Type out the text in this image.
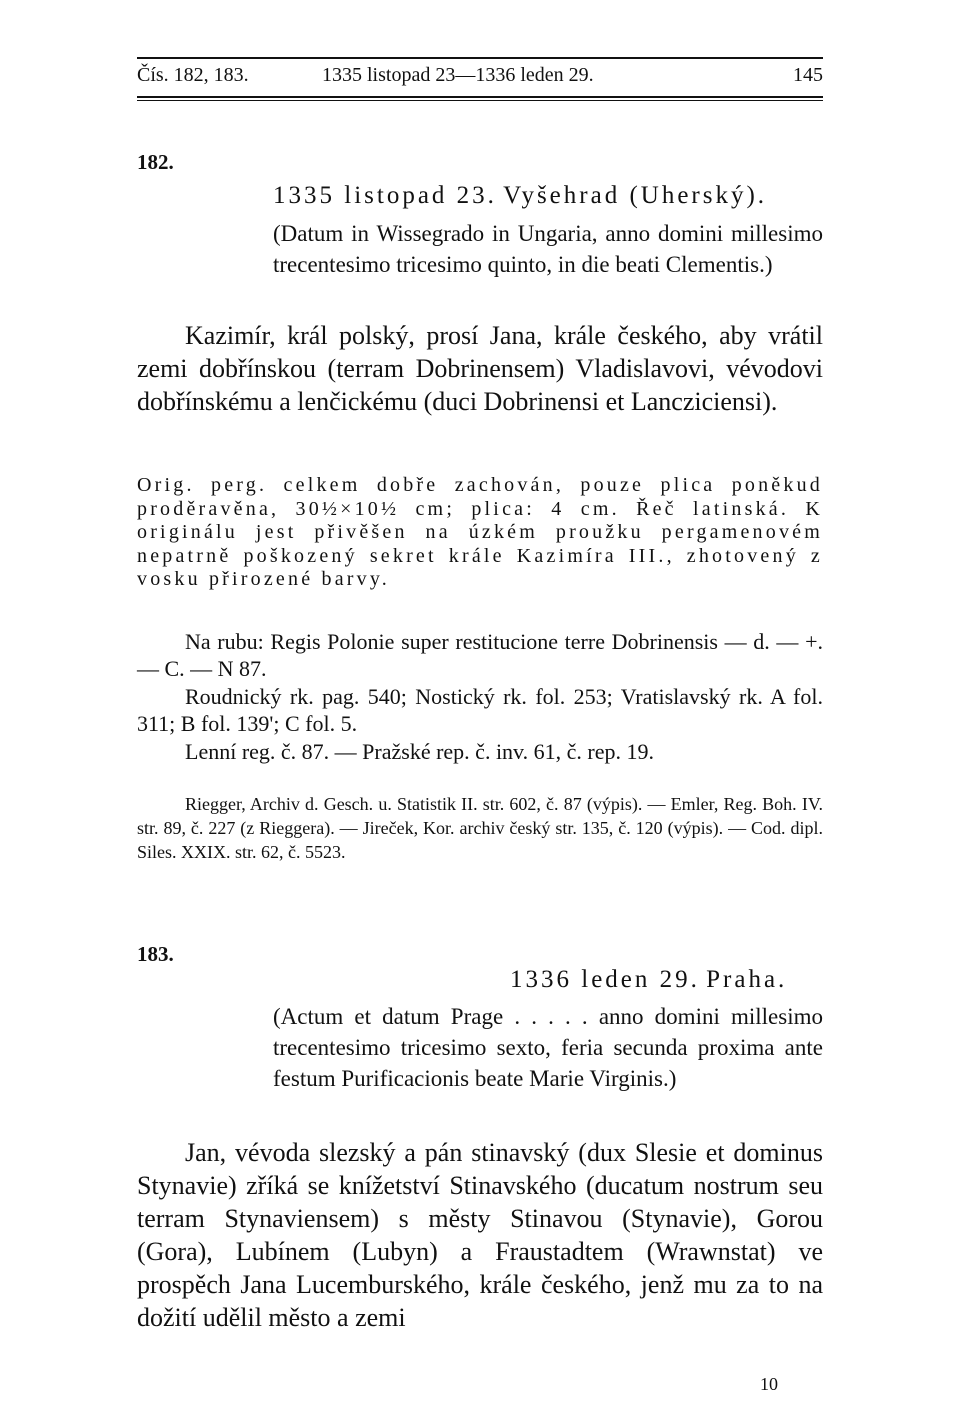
Čís. 182, 183.	1335 listopad 23—1336 leden 29.	145
182.
1335 listopad 23. Vyšehrad (Uherský).
(Datum in Wissegrado in Ungaria, anno domini millesimo trecentesimo tricesimo quinto, in die beati Clementis.)
Kazimír, král polský, prosí Jana, krále českého, aby vrátil zemi dobřínskou (terram Dobrinensem) Vladislavovi, vévodovi dobřínskému a lenčickému (duci Dobrinensi et Lancziciensi).
Orig. perg. celkem dobře zachován, pouze plica poněkud proděravěna, 30½×10½ cm; plica: 4 cm. Řeč latinská. K originálu jest přivěšen na úzkém proužku pergamenovém nepatrně poškozený sekret krále Kazimíra III., zhotovený z vosku přirozené barvy.
Na rubu: Regis Polonie super restitucione terre Dobrinensis — d. — +. — C. — N 87.
Roudnický rk. pag. 540; Nostický rk. fol. 253; Vratislavský rk. A fol. 311; B fol. 139'; C fol. 5.
Lenní reg. č. 87. — Pražské rep. č. inv. 61, č. rep. 19.
Riegger, Archiv d. Gesch. u. Statistik II. str. 602, č. 87 (výpis). — Emler, Reg. Boh. IV. str. 89, č. 227 (z Rieggera). — Jireček, Kor. archiv český str. 135, č. 120 (výpis). — Cod. dipl. Siles. XXIX. str. 62, č. 5523.
183.
1336 leden 29. Praha.
(Actum et datum Prage . . . . . anno domini millesimo trecentesimo tricesimo sexto, feria secunda proxima ante festum Purificacionis beate Marie Virginis.)
Jan, vévoda slezský a pán stinavský (dux Slesie et dominus Stynavie) zříká se knížetství Stinavského (ducatum nostrum seu terram Stynaviensem) s městy Stinavou (Stynavie), Gorou (Gora), Lubínem (Lubyn) a Fraustadtem (Wrawnstat) ve prospěch Jana Lucemburského, krále českého, jenž mu za to na dožití udělil město a zemi
10
